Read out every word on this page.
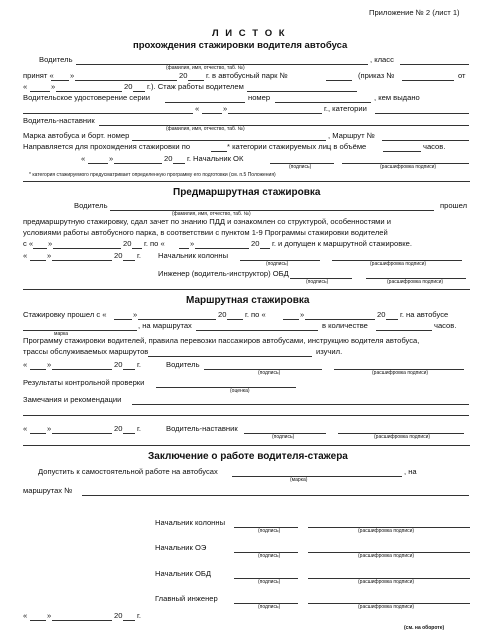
Приложение № 2 (лист 1)
Л И С Т О К
прохождения стажировки водителя автобуса
Водитель	, класс
(фамилия, имя, отчество, таб. №)
принят « »	20 г. в автобусный парк №	(приказ №	от
«	»	20 г.). Стаж работы водителем
Водительское удостоверение серии	номер	, кем выдано
«	»	г., категории
Водитель-наставник
(фамилия, имя, отчество, таб. №)
Марка автобуса и борт. номер	, Маршрут №
Направляется для прохождения стажировки по	* категории стажируемых лиц в объёме	часов.
«	»	20 г. Начальник ОК
(подпись)	(расшифровка подписи)
* категория стажируемого предусматривает определенную программу его подготовки (см. п.5 Положения)
Предмаршрутная стажировка
Водитель	прошел
(фамилия, имя, отчество, таб. №)
предмаршрутную стажировку, сдал зачет по знанию ПДД и ознакомлен со структурой, особенностями и
условиями работы автобусного парка, в соответствии с пунктом 1-9 Программы стажировки водителей
с « »	20 г. по «	»	20 г. и допущен к маршрутной стажировке.
«	»	20 г. Начальник колонны
(подпись)	(расшифровка подписи)
Инженер (водитель-инструктор) ОБД
(подпись)	(расшифровка подписи)
Маршрутная стажировка
Стажировку прошел с «	»	20 г. по «	»	20 г. на автобусе
марка
, на маршрутах	в количестве	часов.
Программу стажировки водителей, правила перевозки пассажиров автобусами, инструкцию водителя автобуса,
трассы обслуживаемых маршрутов	изучил.
«	»	20 г.	Водитель
(подпись)	(расшифровка подписи)
Результаты контрольной проверки
(оценка)
Замечания и рекомендации
«	»	20 г.	Водитель-наставник
(подпись)	(расшифровка подписи)
Заключение о работе водителя-стажера
Допустить к самостоятельной работе на автобусах	, на
(марка)
маршрутах №
Начальник колонны
(подпись)	(расшифровка подписи)
Начальник ОЭ
(подпись)	(расшифровка подписи)
Начальник ОБД
(подпись)	(расшифровка подписи)
Главный инженер
(подпись)	(расшифровка подписи)
«	»	20 г.
(см. на обороте)
